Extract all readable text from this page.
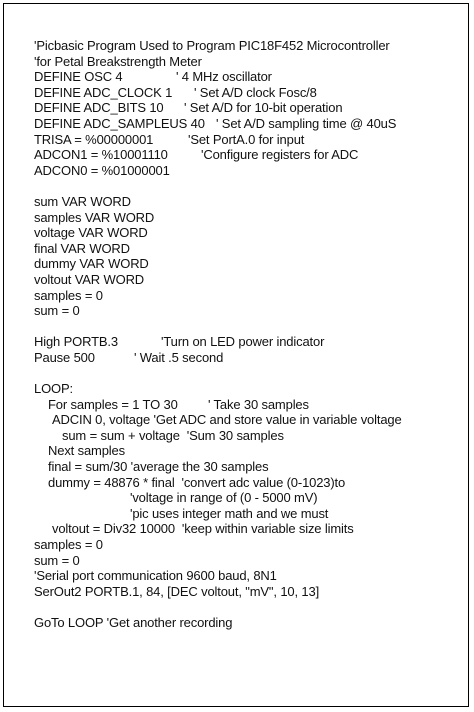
'Picbasic Program Used to Program PIC18F452 Microcontroller
'for Petal Breakstrength Meter
DEFINE OSC 4	' 4 MHz oscillator
DEFINE ADC_CLOCK 1 ' Set A/D clock Fosc/8
DEFINE ADC_BITS 10 ' Set A/D for 10-bit operation
DEFINE ADC_SAMPLEUS 40 ' Set A/D sampling time @ 40uS
TRISA = %00000001	'Set PortA.0 for input
ADCON1 = %10001110	'Configure registers for ADC
ADCON0 = %01000001
sum VAR WORD
samples VAR WORD
voltage VAR WORD
final VAR WORD
dummy VAR WORD
voltout VAR WORD
samples = 0
sum = 0
High PORTB.3	'Turn on LED power indicator
Pause 500	' Wait .5 second
LOOP:
For samples = 1 TO 30 ' Take 30 samples
ADCIN 0, voltage 'Get ADC and store value in variable voltage
sum = sum + voltage  'Sum 30 samples
Next samples
final = sum/30 'average the 30 samples
dummy = 48876 * final  'convert adc value (0-1023)to
'voltage in range of (0 - 5000 mV)
'pic uses integer math and we must
voltout = Div32 10000  'keep within variable size limits
samples = 0
sum = 0
'Serial port communication 9600 baud, 8N1
SerOut2 PORTB.1, 84, [DEC voltout, "mV", 10, 13]
GoTo LOOP 'Get another recording
